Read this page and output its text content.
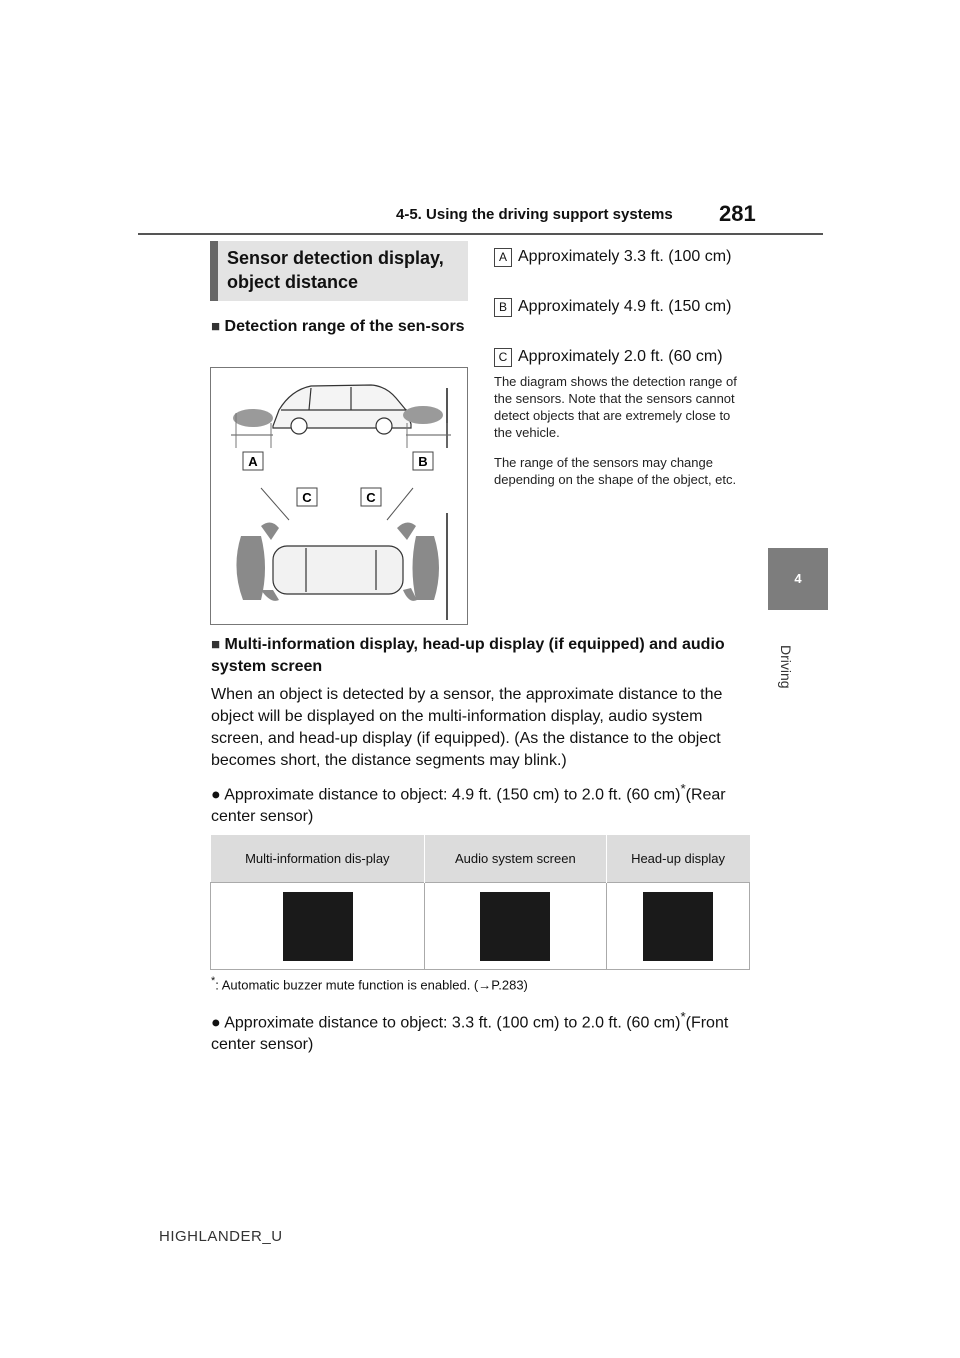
4-5. Using the driving support systems 281
4
Driving
Sensor detection display, object distance
■ Detection range of the sen-sors
A	B
C	C
A Approximately 3.3 ft. (100 cm)
B Approximately 4.9 ft. (150 cm)
C Approximately 2.0 ft. (60 cm)
The diagram shows the detection range of the sensors. Note that the sensors cannot detect objects that are extremely close to the vehicle.
The range of the sensors may change depending on the shape of the object, etc.
■ Multi-information display, head-up display (if equipped) and audio system screen
When an object is detected by a sensor, the approximate distance to the object will be displayed on the multi-information display, audio system screen, and head-up display (if equipped). (As the distance to the object becomes short, the distance segments may blink.)
● Approximate distance to object: 4.9 ft. (150 cm) to 2.0 ft. (60 cm)*(Rear center sensor)
Multi-information dis-play	Audio system screen	Head-up display

*: Automatic buzzer mute function is enabled. (→P.283)
● Approximate distance to object: 3.3 ft. (100 cm) to 2.0 ft. (60 cm)*(Front center sensor)
HIGHLANDER_U
